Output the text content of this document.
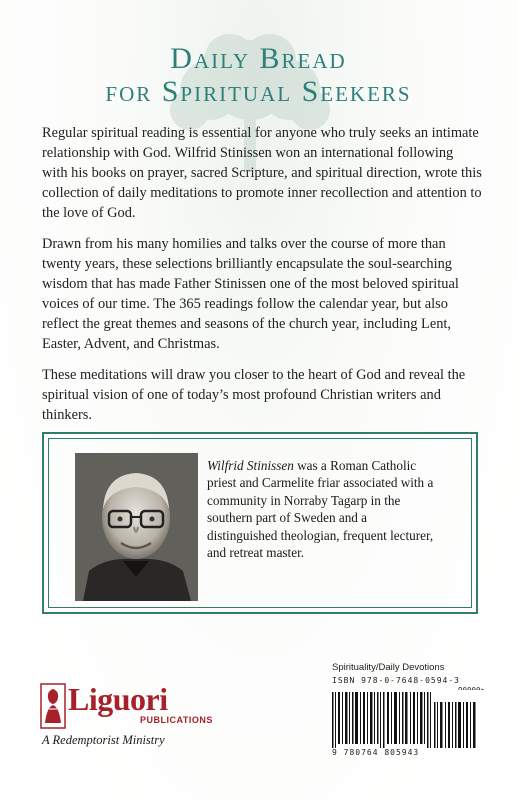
Daily Bread
for Spiritual Seekers

Regular spiritual reading is essential for anyone who truly seeks an intimate relationship with God. Wilfrid Stinissen won an international following with his books on prayer, sacred Scripture, and spiritual direction, wrote this collection of daily meditations to promote inner recollection and attention to the love of God.

Drawn from his many homilies and talks over the course of more than twenty years, these selections brilliantly encapsulate the soul-searching wisdom that has made Father Stinissen one of the most beloved spiritual voices of our time. The 365 readings follow the calendar year, but also reflect the great themes and seasons of the church year, including Lent, Easter, Advent, and Christmas.

These meditations will draw you closer to the heart of God and reveal the spiritual vision of one of today’s most profound Christian writers and thinkers.

Wilfrid Stinissen was a Roman Catholic priest and Carmelite friar associated with a community in Norraby Tagarp in the southern part of Sweden and a distinguished theologian, frequent lecturer, and retreat master.
Liguori
PUBLICATIONS
A Redemptorist Ministry
Spirituality/Daily Devotions
ISBN 978-0-7648-0594-3
90000>
9 780764 805943
